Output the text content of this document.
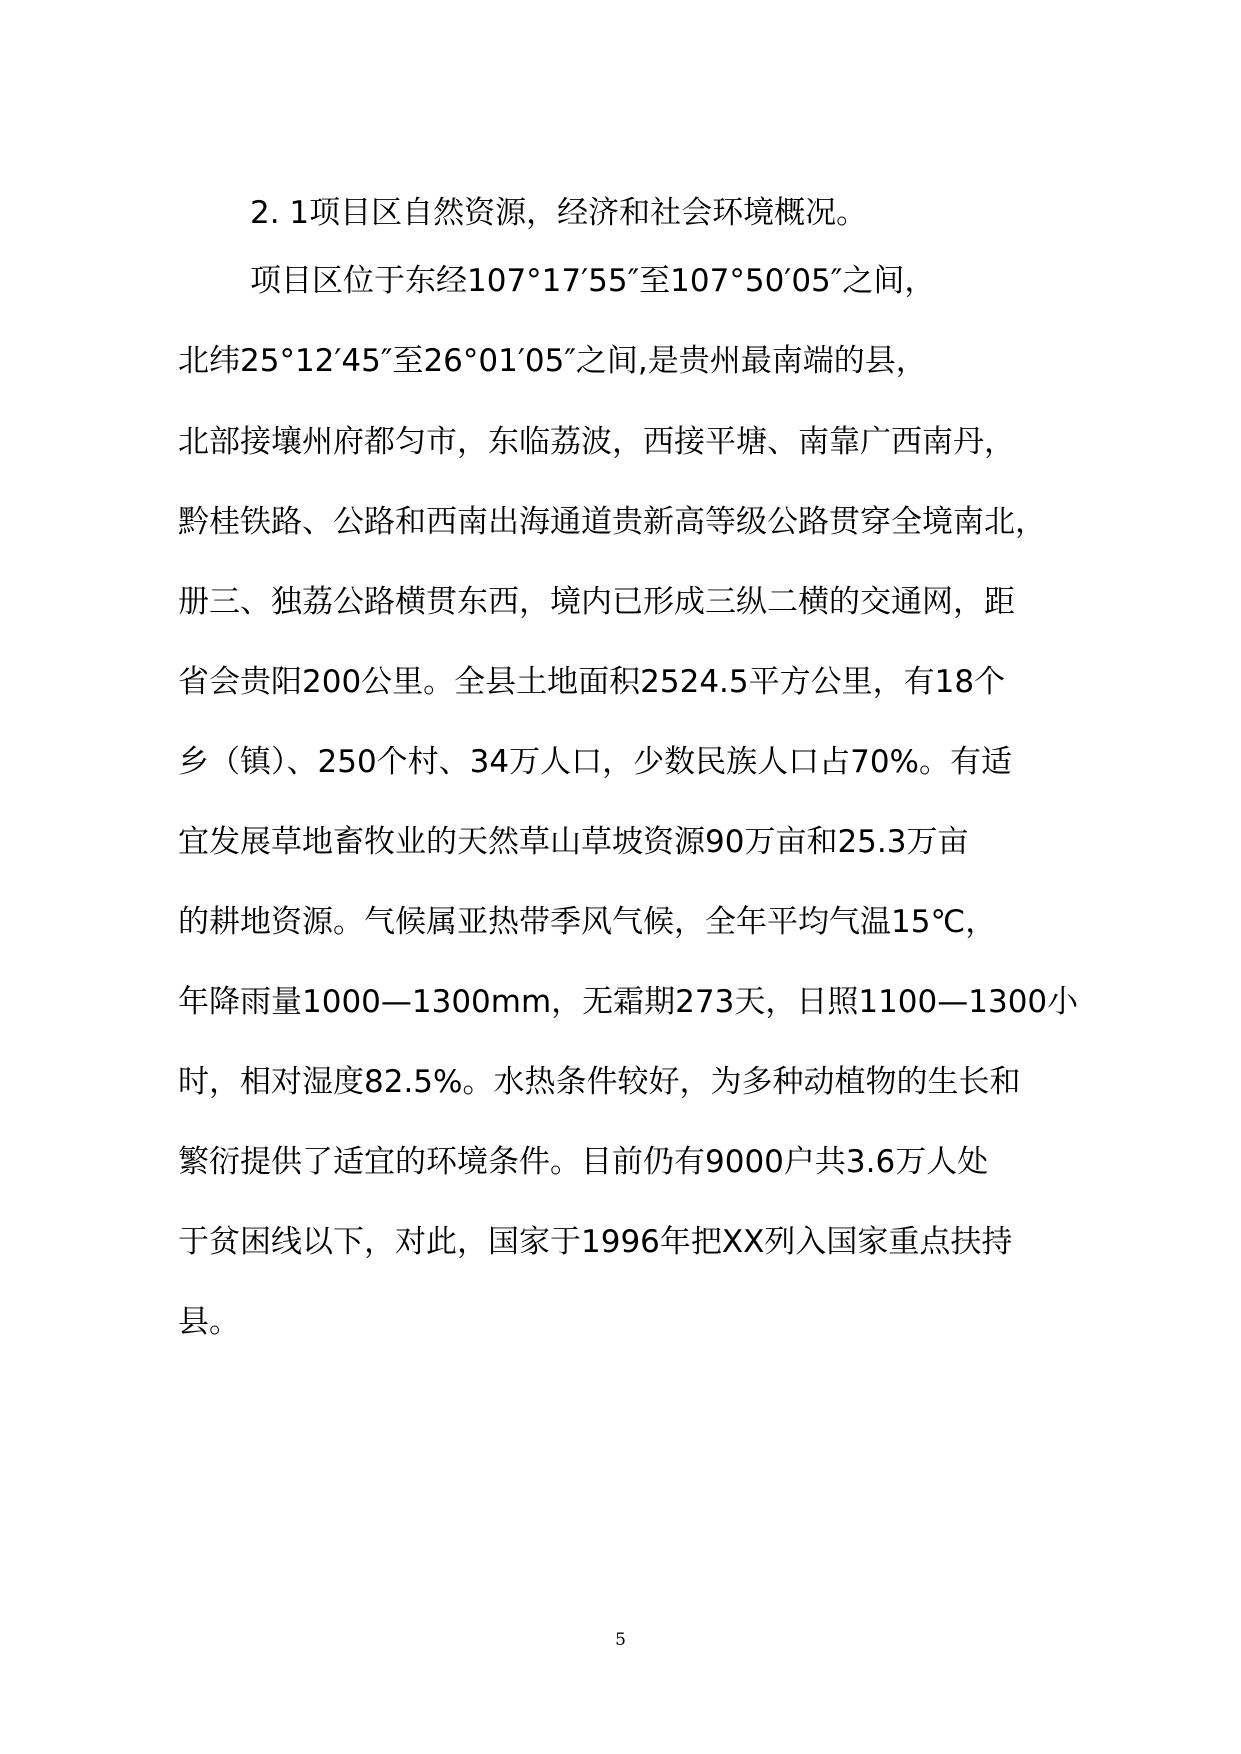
2. 1项目区自然资源，经济和社会环境概况。
项目区位于东经107°17′55″至107°50′05″之间，
北纬25°12′45″至26°01′05″之间,是贵州最南端的县，
北部接壤州府都匀市，东临荔波，西接平塘、南靠广西南丹，
黔桂铁路、公路和西南出海通道贵新高等级公路贯穿全境南北，
册三、独荔公路横贯东西，境内已形成三纵二横的交通网，距
省会贵阳200公里。全县土地面积2524.5平方公里，有18个
乡（镇）、250个村、34万人口，少数民族人口占70%。有适
宜发展草地畜牧业的天然草山草坡资源90万亩和25.3万亩
的耕地资源。气候属亚热带季风气候，全年平均气温15℃，
年降雨量1000—1300mm，无霜期273天，日照1100—1300小
时，相对湿度82.5%。水热条件较好，为多种动植物的生长和
繁衍提供了适宜的环境条件。目前仍有9000户共3.6万人处
于贫困线以下，对此，国家于1996年把XX列入国家重点扶持
县。
5
